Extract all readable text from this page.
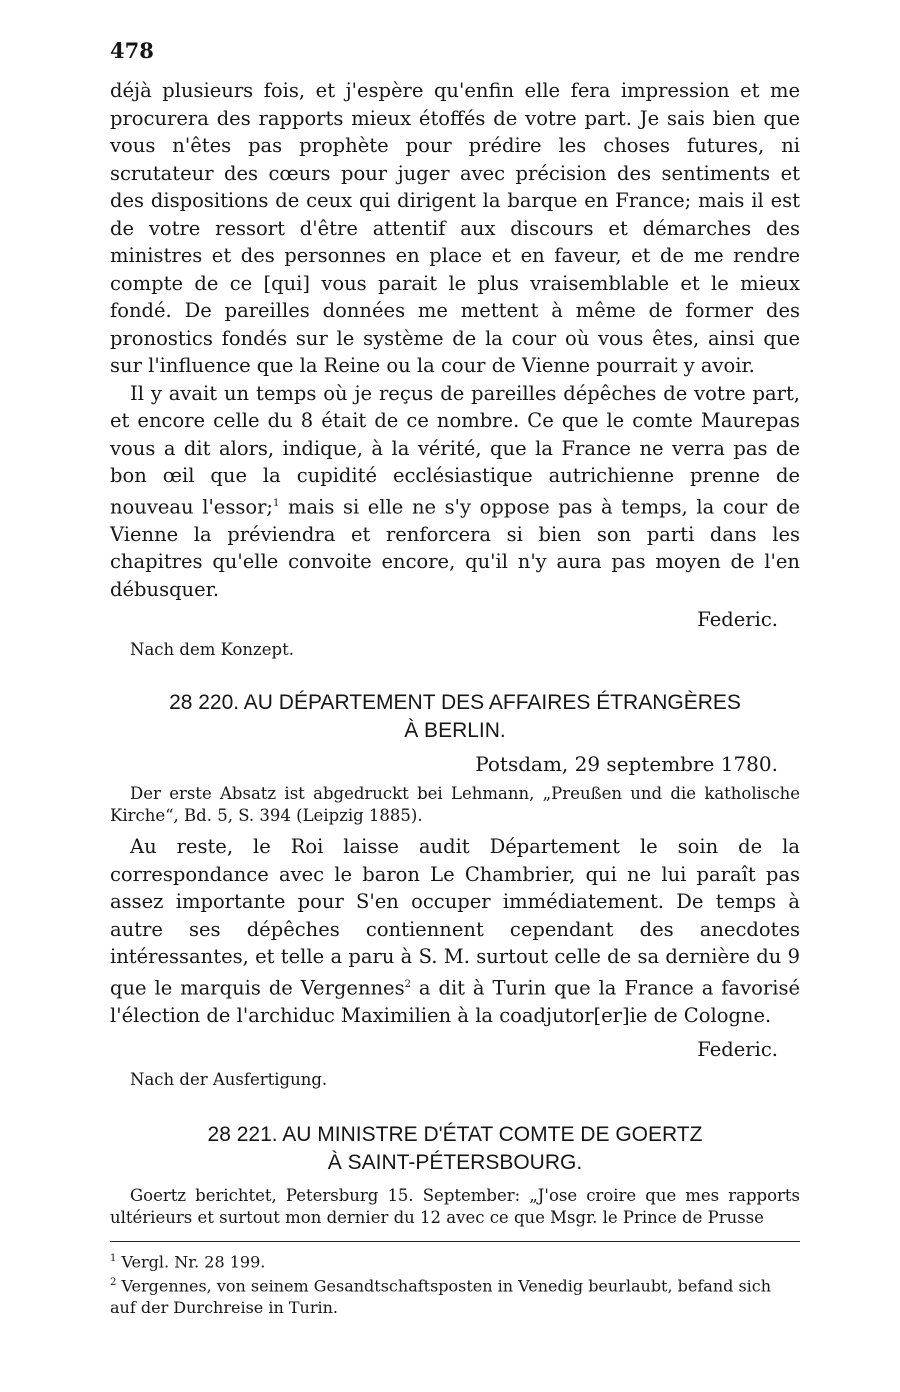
478

déjà plusieurs fois, et j'espère qu'enfin elle fera impression et me procurera des rapports mieux étoffés de votre part. Je sais bien que vous n'êtes pas prophète pour prédire les choses futures, ni scrutateur des cœurs pour juger avec précision des sentiments et des dispositions de ceux qui dirigent la barque en France; mais il est de votre ressort d'être attentif aux discours et démarches des ministres et des personnes en place et en faveur, et de me rendre compte de ce [qui] vous parait le plus vraisemblable et le mieux fondé. De pareilles données me mettent à même de former des pronostics fondés sur le système de la cour où vous êtes, ainsi que sur l'influence que la Reine ou la cour de Vienne pourrait y avoir.

Il y avait un temps où je reçus de pareilles dépêches de votre part, et encore celle du 8 était de ce nombre. Ce que le comte Maurepas vous a dit alors, indique, à la vérité, que la France ne verra pas de bon œil que la cupidité ecclésiastique autrichienne prenne de nouveau l'essor;$^1$ mais si elle ne s'y oppose pas à temps, la cour de Vienne la préviendra et renforcera si bien son parti dans les chapitres qu'elle convoite encore, qu'il n'y aura pas moyen de l'en débusquer.

Federic.
Nach dem Konzept.

28 220. AU DÉPARTEMENT DES AFFAIRES ÉTRANGÈRES

À BERLIN.

Potsdam, 29 septembre 1780.

Der erste Absatz ist abgedruckt bei Lehmann, „Preußen und die katholische Kirche“, Bd. 5, S. 394 (Leipzig 1885).

Au reste, le Roi laisse audit Département le soin de la correspondance avec le baron Le Chambrier, qui ne lui paraît pas assez importante pour S'en occuper immédiatement. De temps à autre ses dépêches contiennent cependant des anecdotes intéressantes, et telle a paru à S. M. surtout celle de sa dernière du 9 que le marquis de Vergennes$^2$ a dit à Turin que la France a favorisé l'élection de l'archiduc Maximilien à la coadjutor[er]ie de Cologne.

Federic.
Nach der Ausfertigung.

28 221. AU MINISTRE D'ÉTAT COMTE DE GOERTZ

À SAINT-PÉTERSBOURG.

Goertz berichtet, Petersburg 15. September: „J'ose croire que mes rapports ultérieurs et surtout mon dernier du 12 avec ce que Msgr. le Prince de Prusse

$^1$ Vergl. Nr. 28 199.

$^2$ Vergennes, von seinem Gesandtschaftsposten in Venedig beurlaubt, befand sich auf der Durchreise in Turin.
